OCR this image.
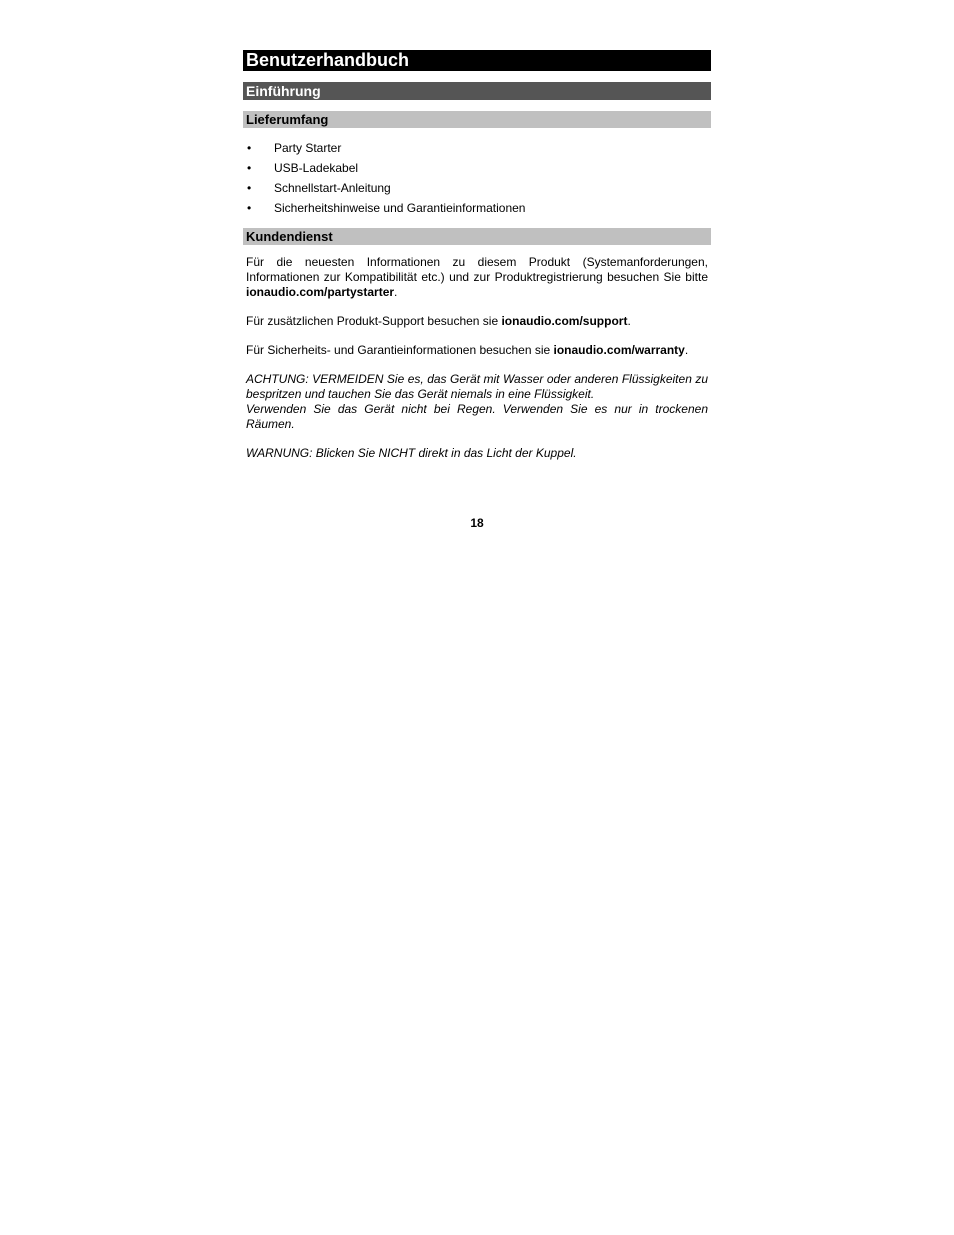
Benutzerhandbuch
Einführung
Lieferumfang
• Party Starter
• USB-Ladekabel
• Schnellstart-Anleitung
• Sicherheitshinweise und Garantieinformationen
Kundendienst

Für die neuesten Informationen zu diesem Produkt (Systemanforderungen, Informationen zur Kompatibilität etc.) und zur Produktregistrierung besuchen Sie bitte ionaudio.com/partystarter.

Für zusätzlichen Produkt-Support besuchen sie ionaudio.com/support.

Für Sicherheits- und Garantieinformationen besuchen sie ionaudio.com/warranty.

ACHTUNG: VERMEIDEN Sie es, das Gerät mit Wasser oder anderen Flüssigkeiten zu bespritzen und tauchen Sie das Gerät niemals in eine Flüssigkeit.

Verwenden Sie das Gerät nicht bei Regen. Verwenden Sie es nur in trockenen Räumen.

WARNUNG: Blicken Sie NICHT direkt in das Licht der Kuppel.

18
